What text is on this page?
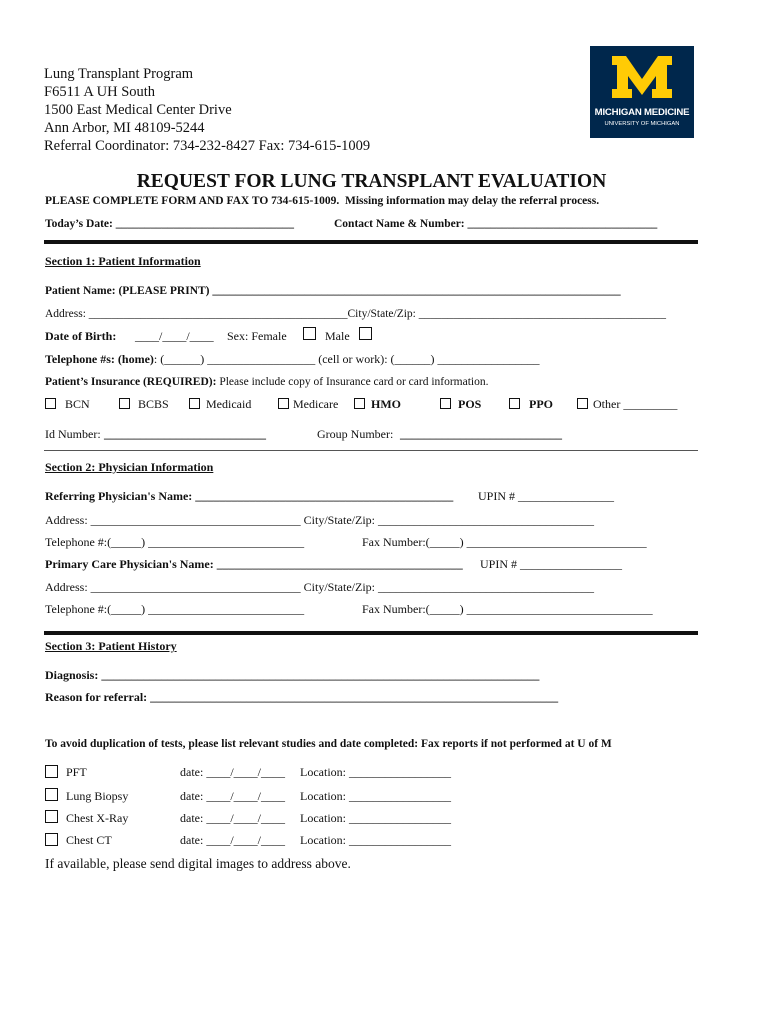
Lung Transplant Program
F6511 A UH South
1500 East Medical Center Drive
Ann Arbor, MI 48109-5244
Referral Coordinator: 734-232-8427 Fax: 734-615-1009
MICHIGAN MEDICINE
UNIVERSITY OF MICHIGAN
REQUEST FOR LUNG TRANSPLANT EVALUATION
PLEASE COMPLETE FORM AND FAX TO 734-615-1009.  Missing information may delay the referral process.
Today’s Date: _______________________________	Contact Name & Number: _________________________________
Section 1: Patient Information
Patient Name: (PLEASE PRINT) _______________________________________________________________________
Address: _____________________________________________City/State/Zip: ___________________________________________
Date of Birth: ____/____/____ Sex: Female	Male
Telephone #s: (home): (______) __________________ (cell or work): (______) _________________
Patient’s Insurance (REQUIRED): Please include copy of Insurance card or card information.
BCN	BCBS	Medicaid	Medicare	HMO	POS	PPO	Other _________
Id Number: ___________________________	Group Number: ___________________________
Section 2: Physician Information
Referring Physician's Name: ___________________________________________ UPIN # ________________
Address: ___________________________________ City/State/Zip: ____________________________________
Telephone #:(_____) __________________________	Fax Number:(_____) ______________________________
Primary Care Physician's Name: _________________________________________ UPIN # _________________
Address: ___________________________________ City/State/Zip: ____________________________________
Telephone #:(_____) __________________________	Fax Number:(_____) _______________________________
Section 3: Patient History
Diagnosis: _________________________________________________________________________
Reason for referral: ____________________________________________________________________
To avoid duplication of tests, please list relevant studies and date completed: Fax reports if not performed at U of M
PFT	date: ____/____/____ Location: _________________
Lung Biopsy	date: ____/____/____ Location: _________________
Chest X-Ray	date: ____/____/____ Location: _________________
Chest CT	date: ____/____/____ Location: _________________
If available, please send digital images to address above.
